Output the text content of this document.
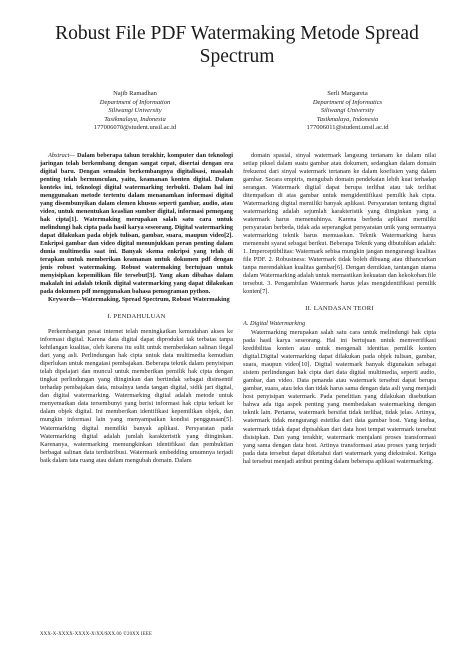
Robust File PDF Watermaking Metode Spread Spectrum
Najib Ramadhan
Department of Information
Siliwangi University
Tasikmalaya, Indonesia
177006070@student.unsil.ac.id
Serli Margareta
Department of Informatics
Siliwangi University
Tasikmalaya, Indonesia
177006011@student.unsil.ac.id

Abstract— Dalam beberapa tahun terakhir, komputer dan teknologi jaringan telah berkembang dengan sangat cepat, disertai dengan era digital baru. Dengan semakin berkembangnya digitalisasi, masalah penting telah bermunculan, yaitu, keamanan konten digital. Dalam konteks ini, teknologi digital watermarking terbukti. Dalam hal ini menggunakan metode tertentu dalam menanamkan informasi digital yang disembunyikan dalam elemen khusus seperti gambar, audio, atau video, untuk menentukan keaslian sumber digital, informasi pemegang hak cipta[1]. Watermaking merupakan salah satu cara untuk melindungi hak cipta pada hasil karya seseorang. Digital watermarking dapat dilakukan pada objek tulisan, gambar, suara, maupun video[2]. Enkripsi gambar dan video digital menunjukkan peran penting dalam dunia multimedia saat ini. Banyak skema enkripsi yang telah di terapkan untuk memberikan keamanan untuk dokumen pdf dengan jenis robust watermaking. Robust watermaking bertujuan untuk menyisipkan kepemilikan file tersebut[3]. Yang akan dibahas dalam makalah ini adalah teknik digital watermarking yang dapat dilakukan pada dokumen pdf menggunakan bahasa pemograman python.

Keywords—Watermaking, Spread Spectrum, Robust Watermaking

I. PENDAHULUAN

Perkembangan pesat internet telah meningkatkan kemudahan akses ke informasi digital. Karena data digital dapat diproduksi tak terbatas tanpa kehilangan kualitas, oleh karena itu sulit untuk membedakan salinan ilegal dari yang asli. Perlindungan hak cipta untuk data multimedia kemudian diperlukan untuk mengatasi pembajakan. Beberapa teknik dalam penyisipan telah dipelajari dan muncul untuk memberikan pemilik hak cipta dengan tingkat perlindungan yang diinginkan dan bertindak sebagai disinsentif terhadap pembajakan data, misalnya tanda tangan digital, sidik jari digital, dan digital watermarking. Watermarking digital adalah metode untuk menyematkan data tersembunyi yang berisi informasi hak cipta terkait ke dalam objek digital. Ini memberikan identifikasi kepemilikan objek, dan mungkin informasi lain yang menyampaikan kondisi penggunaan[5]. Watermarking digital memiliki banyak aplikasi. Persyaratan pada Watermarking digital adalah jumlah karakteristik yang diinginkan. Karenanya, watermarking memungkinkan identifikasi dan pembuktian berbagai salinan data terdistribusi. Watermark embedding umumnya terjadi baik dalam tata ruang atau dalam mengubah domain. Dalam

domain spasial, sinyal watermark langsung tertanam ke dalam nilai setiap piksel dalam suatu gambar atau dokumen, sedangkan dalam domain frekuensi dari sinyal watermark tertanam ke dalam koefisien yang dalam gambar. Secara empiris, mengubah domain pendekatan lebih kuat terhadap serangan. Watermark digital dapat berupa terlihat atau tak terlihat ditempatkan di atas gambar untuk mengidentifikasi pemilik hak cipta. Watermarking digital memiliki banyak aplikasi. Persyaratan tentang digital watermarking adalah sejumlah karakteristik yang diinginkan yang a watermark harus memenuhinya. Karena berbeda aplikasi memiliki persyaratan berbeda, tidak ada seperangkat persyaratan unik yang semuanya watermarking teknik harus memuaskan. Teknik Watermarking harus memenuhi syarat sebagai berikut. Beberapa Teknik yang dibutuhkan adalah: 1. Imperceptibilitas: Watermark sebisa mungkin jangan mengurangi kualitas file PDF. 2. Robustness: Watermark tidak boleh dibuang atau dihancurkan tanpa merendahkan kualitas gambar[6]. Dengan demikian, tantangan utama dalam Watermarking adalah untuk memastikan kekuatan dan kekokohan.file tersebut. 3. Pengambilan Watermark harus jelas mengidentifikasi pemilik konten[7].

II. LANDASAN TEORI
A. Digital Watermarking

Watermarking merupakan salah satu cara untuk melindungi hak cipta pada hasil karya seseorang. Hal ini bertujuan untuk memverifikasi kredibilitas konten atau untuk mengenali identitas pemilik konten digital.Digital watermarking dapat dilakukan pada objek tulisan, gambar, suara, maupun video[10]. Digital watermark banyak digunakan sebagai sistem perlindungan hak cipta dari data digital multimedia, seperti audio, gambar, dan video. Data penanda atau watermark tersebut dapat berupa gambar, suara, atau teks dan tidak harus sama dengan data asli yang menjadi host penyisipan watermark. Pada penelitian yang dilakukan disebutkan bahwa ada tiga aspek penting yang membedakan watermarking dengan teknik lain. Pertama, watermark bersifat tidak terlihat, tidak jelas. Artinya, watermark tidak mengurangi estetika dari data gambar host. Yang kedua, watermark tidak dapat dipisahkan dari data host tempat watermark tersebut disisipkan. Dan yang terakhir, watermark menjalani proses transformasi yang sama dengan data host. Artinya transformasi atau proses yang terjadi pada data tersebut dapat diketahui dari watermark yang diekstraksi. Ketiga hal tersebut menjadi atribut penting dalam beberapa aplikasi watermarking.

XXX-X-XXXX-XXXX-X/XX/$XX.00 ©20XX IEEE
